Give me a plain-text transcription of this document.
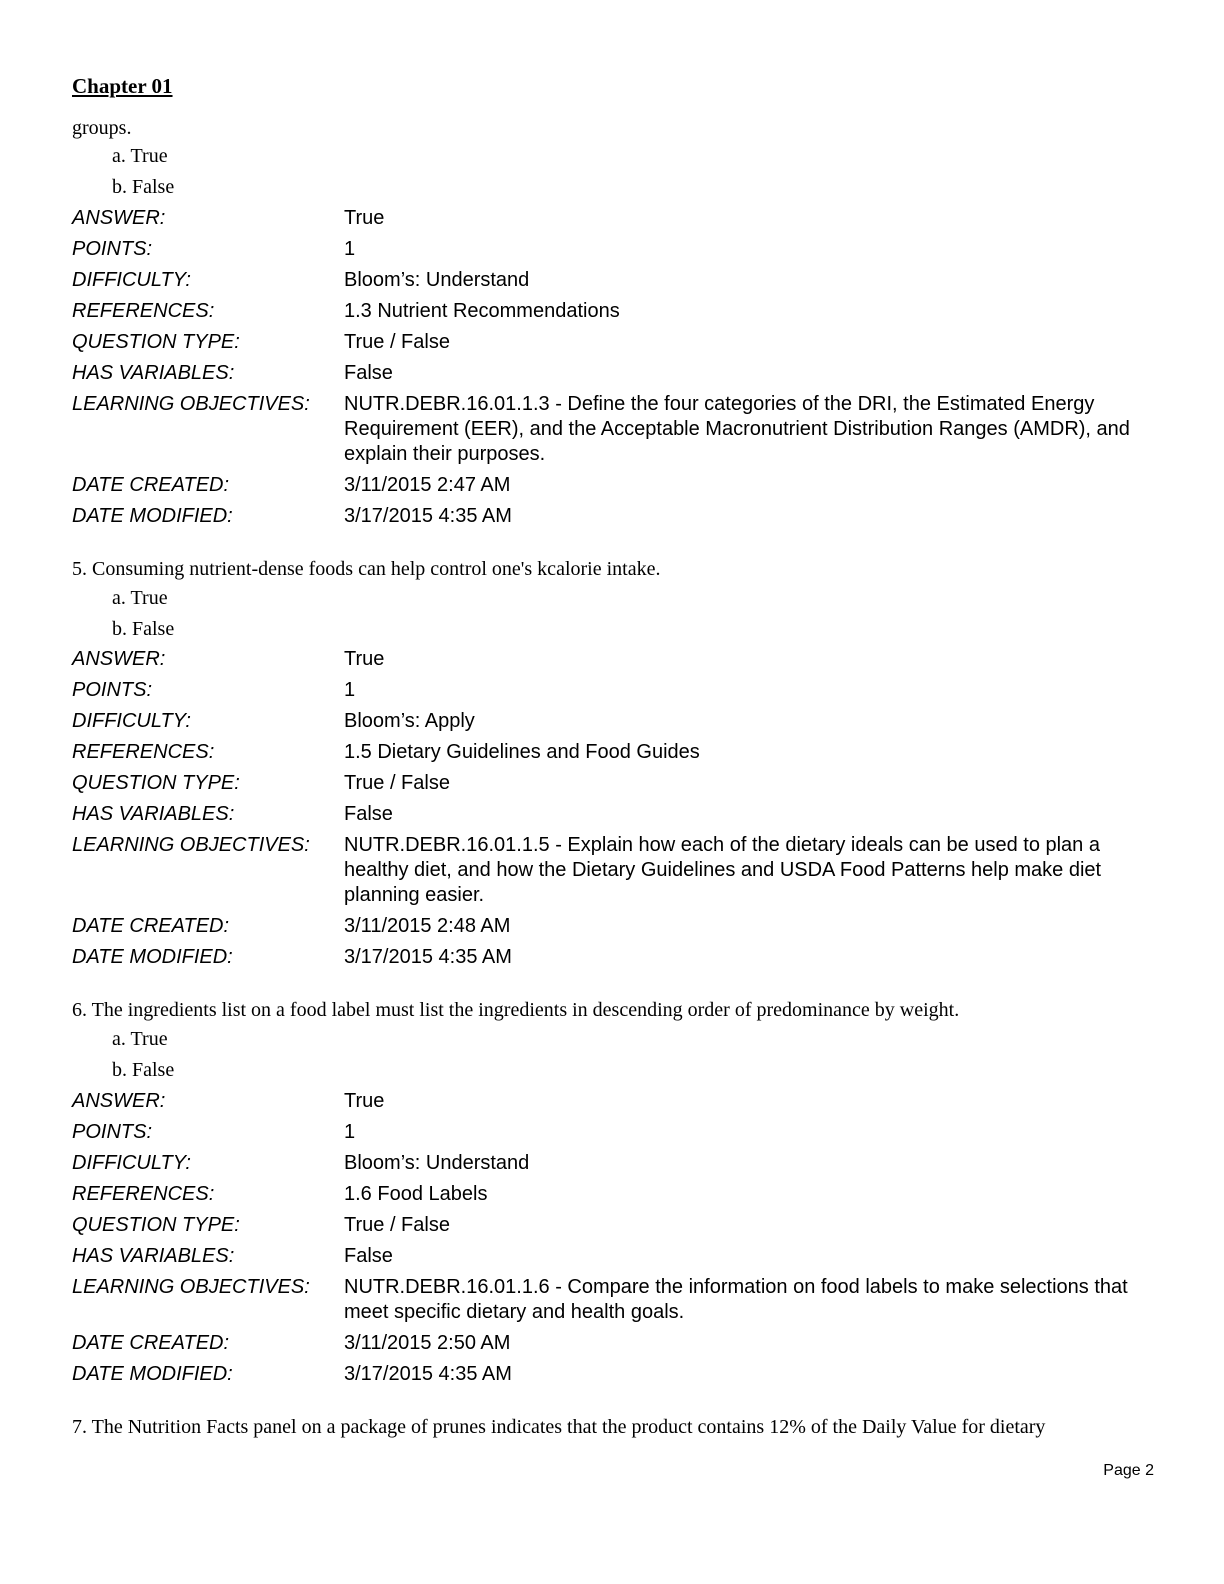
Chapter 01
groups.
a. True
b. False
ANSWER:	True
POINTS:	1
DIFFICULTY:	Bloom’s: Understand
REFERENCES:	1.3 Nutrient Recommendations
QUESTION TYPE:	True / False
HAS VARIABLES:	False
LEARNING OBJECTIVES: NUTR.DEBR.16.01.1.3 - Define the four categories of the DRI, the Estimated Energy Requirement (EER), and the Acceptable Macronutrient Distribution Ranges (AMDR), and explain their purposes.
DATE CREATED:	3/11/2015 2:47 AM
DATE MODIFIED:	3/17/2015 4:35 AM
5. Consuming nutrient-dense foods can help control one's kcalorie intake.
a. True
b. False
ANSWER:	True
POINTS:	1
DIFFICULTY:	Bloom’s: Apply
REFERENCES:	1.5 Dietary Guidelines and Food Guides
QUESTION TYPE:	True / False
HAS VARIABLES:	False
LEARNING OBJECTIVES: NUTR.DEBR.16.01.1.5 - Explain how each of the dietary ideals can be used to plan a healthy diet, and how the Dietary Guidelines and USDA Food Patterns help make diet planning easier.
DATE CREATED:	3/11/2015 2:48 AM
DATE MODIFIED:	3/17/2015 4:35 AM
6. The ingredients list on a food label must list the ingredients in descending order of predominance by weight.
a. True
b. False
ANSWER:	True
POINTS:	1
DIFFICULTY:	Bloom’s: Understand
REFERENCES:	1.6 Food Labels
QUESTION TYPE:	True / False
HAS VARIABLES:	False
LEARNING OBJECTIVES: NUTR.DEBR.16.01.1.6 - Compare the information on food labels to make selections that meet specific dietary and health goals.
DATE CREATED:	3/11/2015 2:50 AM
DATE MODIFIED:	3/17/2015 4:35 AM
7. The Nutrition Facts panel on a package of prunes indicates that the product contains 12% of the Daily Value for dietary
Page 2
